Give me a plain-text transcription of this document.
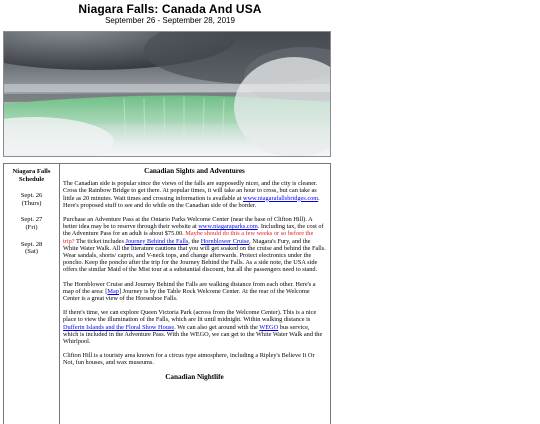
Niagara Falls: Canada And USA
September 26 - September 28, 2019
Niagara Falls
Schedule
Sept. 26
(Thurs)
Sept. 27
(Fri)
Sept. 28
(Sat)
Canadian Sights and Adventures

The Canadian side is popular since the views of the falls are supposedly nicer, and the city is cleaner. Cross the Rainbow Bridge to get there. At popular times, it will take an hour to cross, but can take as little as 20 minutes. Wait times and crossing information is available at www.niagarafallsbridges.com. Here's proposed stuff to see and do while on the Canadian side of the border.

Purchase an Adventure Pass at the Ontario Parks Welcome Center (near the base of Clifton Hill). A better idea may be to reserve through their website at www.niagaraparks.com. Including tax, the cost of the Adventure Pass for an adult is about $75.00. Maybe should do this a few weeks or so before the trip? The ticket includes Journey Behind the Falls, the Hornblower Cruise, Niagara's Fury, and the White Water Walk. All the literature cautions that you will get soaked on the cruise and behind the Falls. Wear sandals, shorts/ capris, and V-neck tops, and change afterwards. Protect electronics under the poncho. Keep the poncho after the trip for the Journey Behind the Falls. As a side note, the USA side offers the similar Maid of the Mist tour at a substantial discount, but all the passengers need to stand.

The Hornblower Cruise and Journey Behind the Falls are walking distance from each other. Here's a map of the area: [Map] Journey is by the Table Rock Welcome Center. At the rear of the Welcome Center is a great view of the Horseshoe Falls.

If there's time, we can explore Queen Victoria Park (across from the Welcome Center). This is a nice place to view the illumination of the Falls, which are lit until midnight. Within walking distance is Dufferin Islands and the Floral Show House. We can also get around with the WEGO bus service, which is included in the Adventure Pass. With the WEGO, we can get to the White Water Walk and the Whirlpool.

Clifton Hill is a touristy area known for a circus type atmosphere, including a Ripley's Believe It Or Not, fun houses, and wax museums.

Canadian Nightlife
